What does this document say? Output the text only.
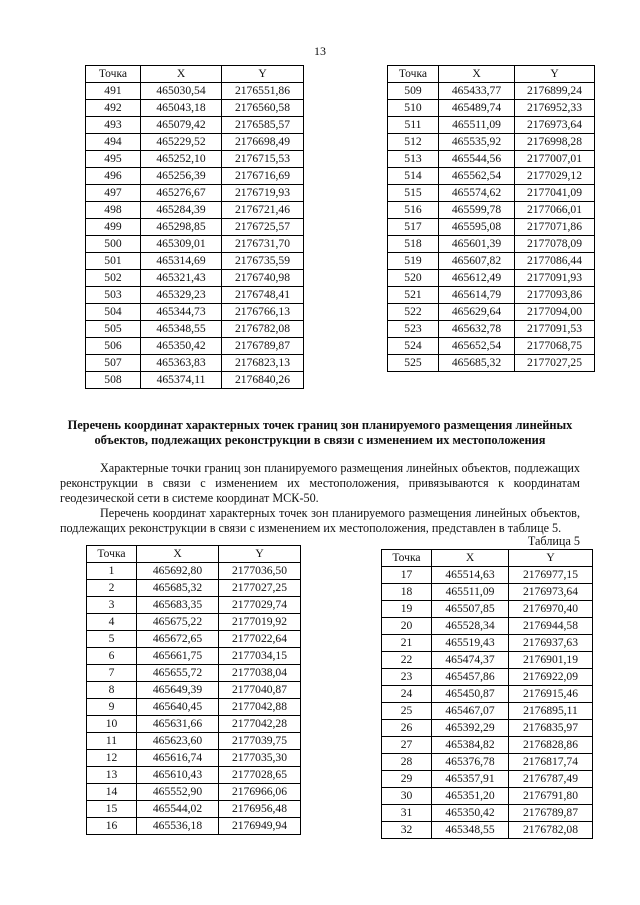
13
Точка	X	Y
491	465030,54	2176551,86
492	465043,18	2176560,58
493	465079,42	2176585,57
494	465229,52	2176698,49
495	465252,10	2176715,53
496	465256,39	2176716,69
497	465276,67	2176719,93
498	465284,39	2176721,46
499	465298,85	2176725,57
500	465309,01	2176731,70
501	465314,69	2176735,59
502	465321,43	2176740,98
503	465329,23	2176748,41
504	465344,73	2176766,13
505	465348,55	2176782,08
506	465350,42	2176789,87
507	465363,83	2176823,13
508	465374,11	2176840,26
Точка	X	Y
509	465433,77	2176899,24
510	465489,74	2176952,33
511	465511,09	2176973,64
512	465535,92	2176998,28
513	465544,56	2177007,01
514	465562,54	2177029,12
515	465574,62	2177041,09
516	465599,78	2177066,01
517	465595,08	2177071,86
518	465601,39	2177078,09
519	465607,82	2177086,44
520	465612,49	2177091,93
521	465614,79	2177093,86
522	465629,64	2177094,00
523	465632,78	2177091,53
524	465652,54	2177068,75
525	465685,32	2177027,25
Перечень координат характерных точек границ зон планируемого размещения линейных объектов, подлежащих реконструкции в связи с изменением их местоположения
Характерные точки границ зон планируемого размещения линейных объектов, подлежащих реконструкции в связи с изменением их местоположения, привязываются к координатам геодезической сети в системе координат МСК-50.
Перечень координат характерных точек зон планируемого размещения линейных объектов, подлежащих реконструкции в связи с изменением их местоположения, представлен в таблице 5.
Таблица 5
Точка	X	Y
1	465692,80	2177036,50
2	465685,32	2177027,25
3	465683,35	2177029,74
4	465675,22	2177019,92
5	465672,65	2177022,64
6	465661,75	2177034,15
7	465655,72	2177038,04
8	465649,39	2177040,87
9	465640,45	2177042,88
10	465631,66	2177042,28
11	465623,60	2177039,75
12	465616,74	2177035,30
13	465610,43	2177028,65
14	465552,90	2176966,06
15	465544,02	2176956,48
16	465536,18	2176949,94
Точка	X	Y
17	465514,63	2176977,15
18	465511,09	2176973,64
19	465507,85	2176970,40
20	465528,34	2176944,58
21	465519,43	2176937,63
22	465474,37	2176901,19
23	465457,86	2176922,09
24	465450,87	2176915,46
25	465467,07	2176895,11
26	465392,29	2176835,97
27	465384,82	2176828,86
28	465376,78	2176817,74
29	465357,91	2176787,49
30	465351,20	2176791,80
31	465350,42	2176789,87
32	465348,55	2176782,08
